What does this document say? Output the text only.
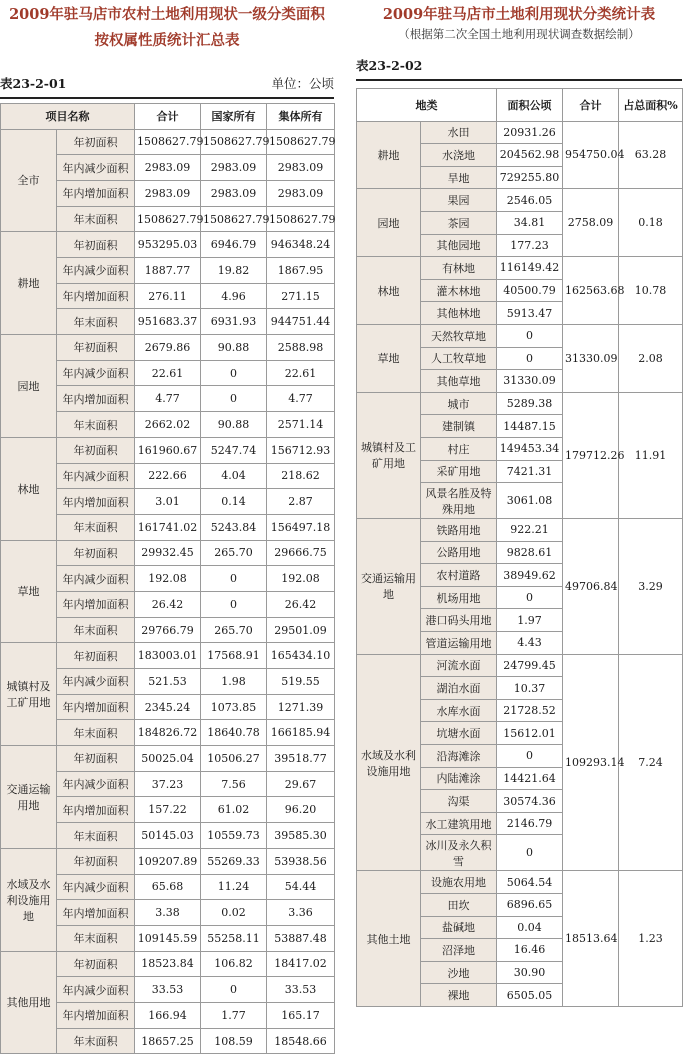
2009年驻马店市农村土地利用现状一级分类面积
按权属性质统计汇总表
表23-2-01	单位：公顷
项目名称		合计	国家所有	集体所有
全市	年初面积	1508627.79	1508627.79	1508627.79
	年内减少面积	2983.09	2983.09	2983.09
	年内增加面积	2983.09	2983.09	2983.09
	年末面积	1508627.79	1508627.79	1508627.79
耕地	年初面积	953295.03	6946.79	946348.24
	年内减少面积	1887.77	19.82	1867.95
	年内增加面积	276.11	4.96	271.15
	年末面积	951683.37	6931.93	944751.44
园地	年初面积	2679.86	90.88	2588.98
	年内减少面积	22.61	0	22.61
	年内增加面积	4.77	0	4.77
	年末面积	2662.02	90.88	2571.14
林地	年初面积	161960.67	5247.74	156712.93
	年内减少面积	222.66	4.04	218.62
	年内增加面积	3.01	0.14	2.87
	年末面积	161741.02	5243.84	156497.18
草地	年初面积	29932.45	265.70	29666.75
	年内减少面积	192.08	0	192.08
	年内增加面积	26.42	0	26.42
	年末面积	29766.79	265.70	29501.09
城镇村及工矿用地	年初面积	183003.01	17568.91	165434.10
	年内减少面积	521.53	1.98	519.55
	年内增加面积	2345.24	1073.85	1271.39
	年末面积	184826.72	18640.78	166185.94
交通运输用地	年初面积	50025.04	10506.27	39518.77
	年内减少面积	37.23	7.56	29.67
	年内增加面积	157.22	61.02	96.20
	年末面积	50145.03	10559.73	39585.30
水域及水利设施用地	年初面积	109207.89	55269.33	53938.56
	年内减少面积	65.68	11.24	54.44
	年内增加面积	3.38	0.02	3.36
	年末面积	109145.59	55258.11	53887.48
其他用地	年初面积	18523.84	106.82	18417.02
	年内减少面积	33.53	0	33.53
	年内增加面积	166.94	1.77	165.17
	年末面积	18657.25	108.59	18548.66
2009年驻马店市土地利用现状分类统计表
（根据第二次全国土地利用现状调查数据绘制）
表23-2-02
地类		面积公顷	合计	占总面积%
耕地	水田	20931.26	954750.04	63.28
	水浇地	204562.98		
	旱地	729255.80		
园地	果园	2546.05	2758.09	0.18
	茶园	34.81		
	其他园地	177.23		
林地	有林地	116149.42	162563.68	10.78
	灌木林地	40500.79		
	其他林地	5913.47		
草地	天然牧草地	0	31330.09	2.08
	人工牧草地	0		
	其他草地	31330.09		
城镇村及工矿用地	城市	5289.38	179712.26	11.91
	建制镇	14487.15		
	村庄	149453.34		
	采矿用地	7421.31		
	风景名胜及特殊用地	3061.08		
交通运输用地	铁路用地	922.21	49706.84	3.29
	公路用地	9828.61		
	农村道路	38949.62		
	机场用地	0		
	港口码头用地	1.97		
	管道运输用地	4.43		
水域及水利设施用地	河流水面	24799.45	109293.14	7.24
	湖泊水面	10.37		
	水库水面	21728.52		
	坑塘水面	15612.01		
	沿海滩涂	0		
	内陆滩涂	14421.64		
	沟渠	30574.36		
	水工建筑用地	2146.79		
	冰川及永久积雪	0		
其他土地	设施农用地	5064.54	18513.64	1.23
	田坎	6896.65		
	盐碱地	0.04		
	沼泽地	16.46		
	沙地	30.90		
	裸地	6505.05		
